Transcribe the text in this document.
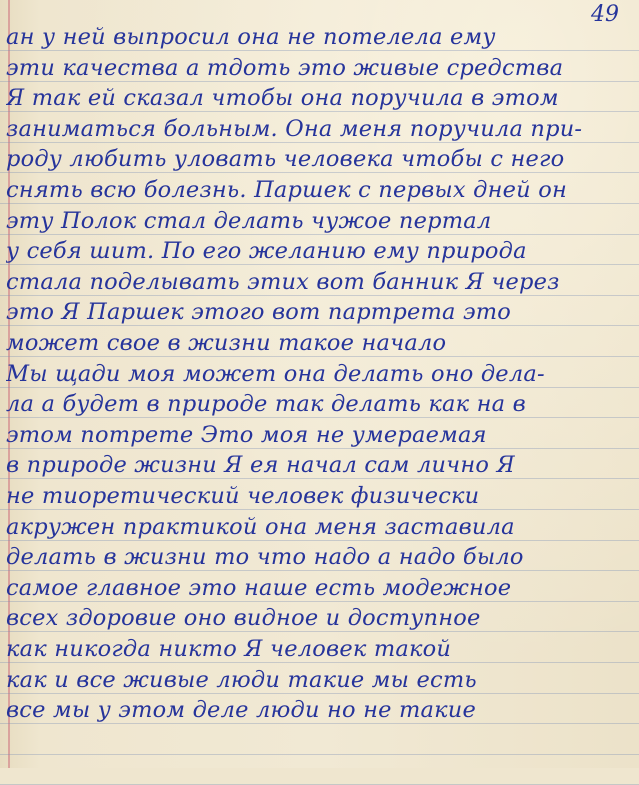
49
ан у ней выпросил она не потелела ему
эти качества а тдоть это живые средства
Я так ей сказал чтобы она поручила в этом
заниматься больным. Она меня поручила при-
роду любить уловать человека чтобы с него
снять всю болезнь. Паршек с первых дней он
эту Полок стал делать чужое пертал
у себя шит. По его желанию ему природа
стала поделывать этих вот банник Я через
это Я Паршек этого вот партрета это
может свое в жизни такое начало
Мы щади моя может она делать оно дела-
ла а будет в природе так делать как на в
этом потрете Это моя не умераемая
в природе жизни Я ея начал сам лично Я
не тиоретический человек физически
акружен практикой она меня заставила
делать в жизни то что надо а надо было
самое главное это наше есть модежное
всех здоровие оно видное и доступное
как никогда никто Я человек такой
как и все живые люди такие мы есть
все мы у этом деле люди но не такие
